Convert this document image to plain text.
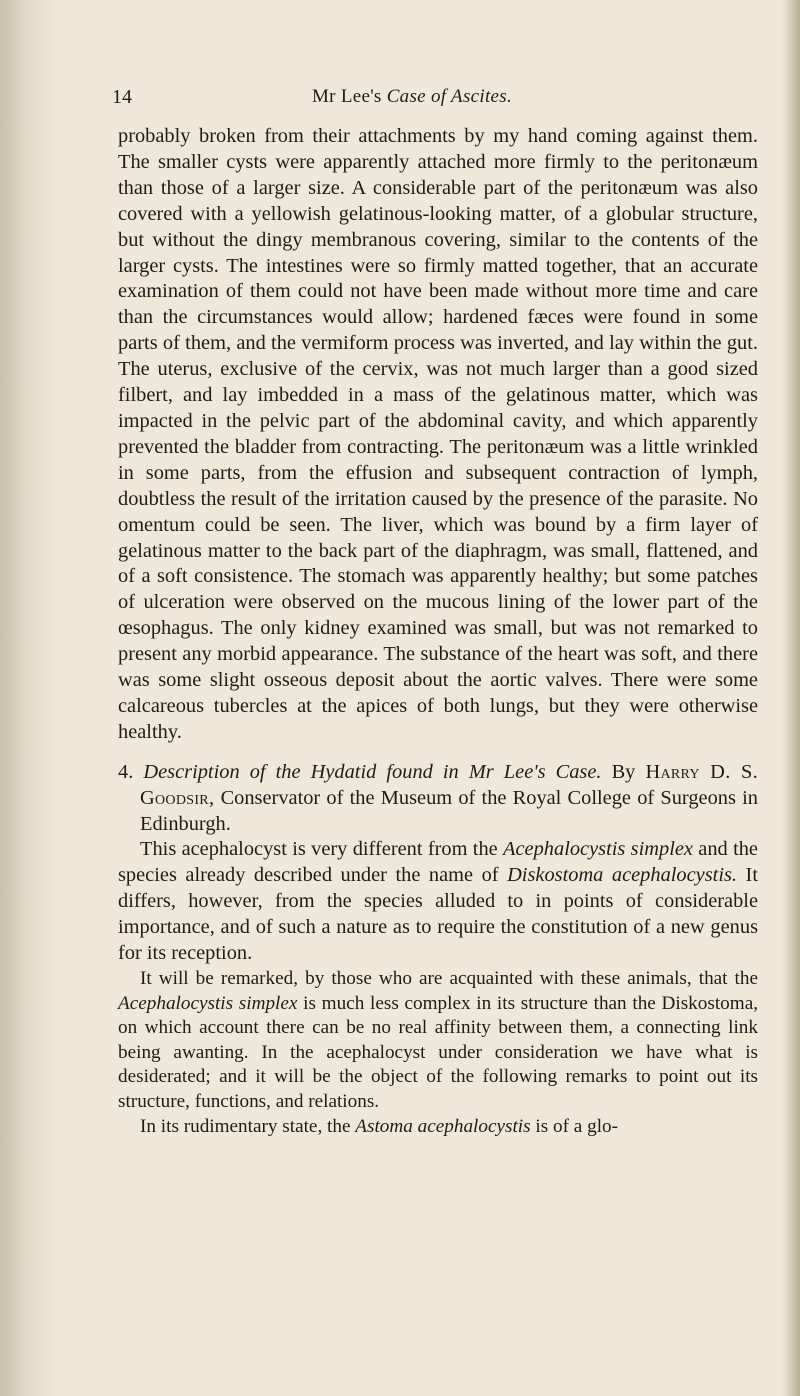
14	Mr Lee's Case of Ascites.

probably broken from their attachments by my hand coming against them. The smaller cysts were apparently attached more firmly to the peritonæum than those of a larger size. A considerable part of the peritonæum was also covered with a yellowish gelatinous-looking matter, of a globular structure, but without the dingy membranous covering, similar to the contents of the larger cysts. The intestines were so firmly matted together, that an accurate examination of them could not have been made without more time and care than the circumstances would allow; hardened fæces were found in some parts of them, and the vermiform process was inverted, and lay within the gut. The uterus, exclusive of the cervix, was not much larger than a good sized filbert, and lay imbedded in a mass of the gelatinous matter, which was impacted in the pelvic part of the abdominal cavity, and which apparently prevented the bladder from contracting. The peritonæum was a little wrinkled in some parts, from the effusion and subsequent contraction of lymph, doubtless the result of the irritation caused by the presence of the parasite. No omentum could be seen. The liver, which was bound by a firm layer of gelatinous matter to the back part of the diaphragm, was small, flattened, and of a soft consistence. The stomach was apparently healthy; but some patches of ulceration were observed on the mucous lining of the lower part of the œsophagus. The only kidney examined was small, but was not remarked to present any morbid appearance. The substance of the heart was soft, and there was some slight osseous deposit about the aortic valves. There were some calcareous tubercles at the apices of both lungs, but they were otherwise healthy.

4. Description of the Hydatid found in Mr Lee's Case. By Harry D. S. Goodsir, Conservator of the Museum of the Royal College of Surgeons in Edinburgh.

This acephalocyst is very different from the Acephalocystis simplex and the species already described under the name of Diskostoma acephalocystis. It differs, however, from the species alluded to in points of considerable importance, and of such a nature as to require the constitution of a new genus for its reception.

It will be remarked, by those who are acquainted with these animals, that the Acephalocystis simplex is much less complex in its structure than the Diskostoma, on which account there can be no real affinity between them, a connecting link being awanting. In the acephalocyst under consideration we have what is desiderated; and it will be the object of the following remarks to point out its structure, functions, and relations.

In its rudimentary state, the Astoma acephalocystis is of a glo-
